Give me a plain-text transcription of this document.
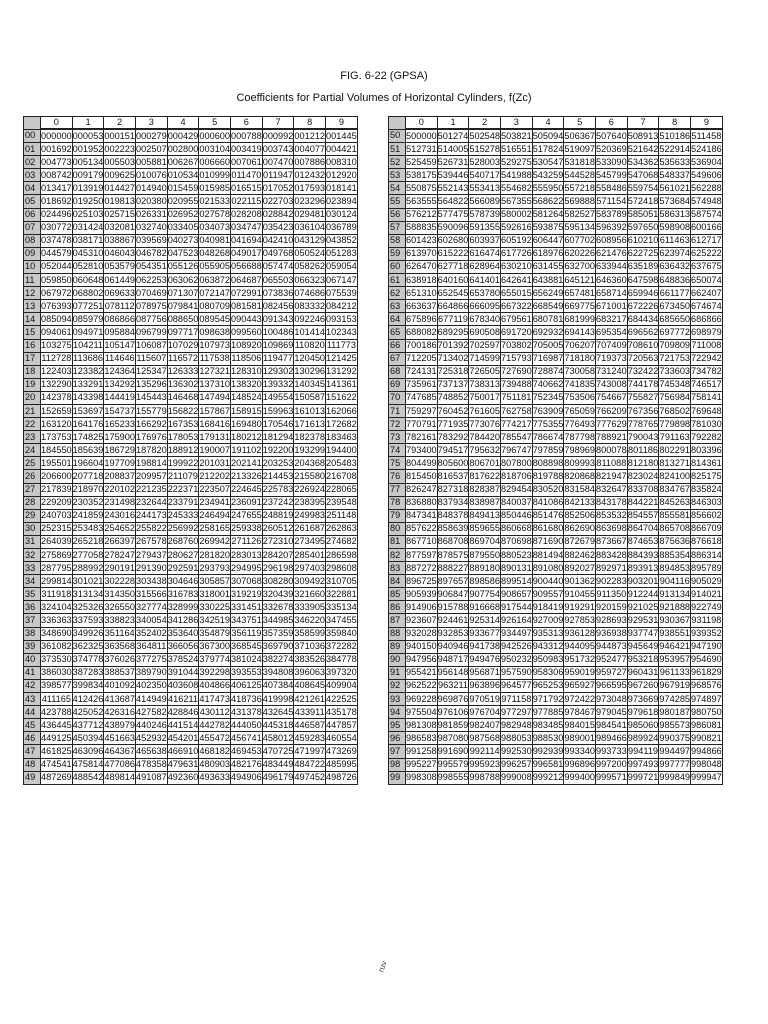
FIG. 6-22 (GPSA)
Coefficients for Partial Volumes of Horizontal Cylinders, f(Zc)
	0	1	2	3	4	5	6	7	8	9
00	000000	000053	000151	000279	000429	000600	000788	000992	001212	001445
01	001692	001952	002223	002507	002800	003104	003419	003743	004077	004421
02	004773	005134	005503	005881	006267	006660	007061	007470	007886	008310
03	008742	009179	009625	010076	010534	010999	011470	011947	012432	012920
04	013417	013919	014427	014940	015459	015985	016515	017052	017593	018141
05	018692	019250	019813	020380	020955	021533	022115	022703	023296	023894
06	024496	025103	025715	026331	026952	027578	028208	028842	029481	030124
07	030772	031424	032081	032740	033405	034073	034747	035423	036104	036789
08	037478	038171	038867	039569	040273	040981	041694	042410	043129	043852
09	044579	045310	046043	046782	047523	048268	049017	049768	050524	051283
10	052044	052810	053579	054351	055126	055905	056688	057474	058262	059054
11	059850	060648	061449	062253	063062	063872	064687	065503	066323	067147
12	067972	068802	069633	070469	071307	072147	072991	073836	074686	075539
13	076393	077251	078112	078975	079841	080709	081581	082456	083332	084212
14	085094	085979	086866	087756	088650	089545	090443	091343	092246	093153
15	094061	094971	095884	096799	097717	098638	099560	100486	101414	102343
16	103275	104211	105147	106087	107029	107973	108920	109869	110820	111773
17	112728	113686	114646	115607	116572	117538	118506	119477	120450	121425
18	122403	123382	124364	125347	126333	127321	128310	129302	130296	131292
19	132290	133291	134292	135296	136302	137310	138320	139332	140345	141361
20	142378	143398	144419	145443	146468	147494	148524	149554	150587	151622
21	152659	153697	154737	155779	156822	157867	158915	159963	161013	162066
22	163120	164176	165233	166292	167353	168416	169480	170546	171613	172682
23	173753	174825	175900	176976	178053	179131	180212	181294	182378	183463
24	184550	185639	186729	187820	188912	190007	191102	192200	193299	194400
25	195501	196604	197709	198814	199922	201031	202141	203253	204368	205483
26	206600	207718	208837	209957	211079	212202	213326	214453	215580	216708
27	217839	218970	220102	221235	222371	223507	224645	225783	226924	228065
28	229209	230352	231498	232644	233791	234941	236091	237242	238395	239548
29	240703	241859	243016	244173	245333	246494	247655	248819	249983	251148
30	252315	253483	254652	255822	256992	258165	259338	260512	261687	262863
31	264039	265218	266397	267578	268760	269942	271126	272310	273495	274682
32	275869	277058	278247	279437	280627	281820	283013	284207	285401	286598
33	287795	288992	290191	291390	292591	293793	294995	296198	297403	298608
34	299814	301021	302228	303438	304646	305857	307068	308280	309492	310705
35	311918	313134	314350	315566	316783	318001	319219	320439	321660	322881
36	324104	325326	326550	327774	328999	330225	331451	332678	333905	335134
37	336363	337593	338823	340054	341286	342519	343751	344985	346220	347455
38	348690	349926	351164	352402	353640	354879	356119	357359	358599	359840
39	361082	362325	363568	364811	366056	367300	368545	369790	371036	372282
40	373530	374778	376026	377275	378524	379774	381024	382274	383526	384778
41	386030	387283	388537	389790	391044	392298	393553	394808	396063	397320
42	398577	399834	401092	402350	403608	404866	406125	407384	408645	409904
43	411165	412426	413687	414949	416211	417473	418736	419998	421261	422525
44	423788	425052	426316	427582	428846	430112	431378	432645	433911	435178
45	436445	437712	438979	440246	441514	442782	444050	445318	446587	447857
46	449125	450394	451663	452932	454201	455472	456741	458012	459283	460554
47	461825	463096	464367	465638	466910	468182	469453	470725	471997	473269
48	474541	475814	477086	478358	479631	480903	482176	483449	484722	485995
49	487269	488542	489814	491087	492360	493633	494906	496179	497452	498726
	0	1	2	3	4	5	6	7	8	9
50	500000	501274	502548	503821	505094	506367	507640	508913	510186	511458
51	512731	514005	515278	516551	517824	519097	520369	521642	522914	524186
52	525459	526731	528003	529275	530547	531818	533090	534362	535633	536904
53	538175	539446	540717	541988	543259	544528	545799	547068	548337	549606
54	550875	552143	553413	554682	555950	557218	558486	559754	561021	562288
55	563555	564822	566089	567355	568622	569888	571154	572418	573684	574948
56	576212	577475	578739	580002	581264	582527	583789	585051	586313	587574
57	588835	590096	591355	592616	593875	595134	596392	597650	598908	600166
58	601423	602680	603937	605192	606447	607702	608956	610210	611463	612717
59	613970	615222	616474	617726	618976	620226	621476	622725	623974	625222
60	626470	627718	628964	630210	631455	632700	633944	635189	636432	637675
61	638918	640160	641401	642641	643881	645121	646360	647598	648836	650074
62	651310	652545	653780	655015	656249	657481	658714	659946	661177	662407
63	663637	664866	666095	667322	668549	669775	671001	672226	673450	674674
64	675896	677119	678340	679561	680781	681999	683217	684434	685650	686866
65	688082	689295	690508	691720	692932	694143	695354	696562	697772	698979
66	700186	701392	702597	703802	705005	706207	707409	708610	709809	711008
67	712205	713402	714599	715793	716987	718180	719373	720563	721753	722942
68	724131	725318	726505	727690	728874	730058	731240	732422	733603	734782
69	735961	737137	738313	739488	740662	741835	743008	744178	745348	746517
70	747685	748852	750017	751181	752345	753506	754667	755827	756984	758141
71	759297	760452	761605	762758	763909	765059	766209	767356	768502	769648
72	770791	771935	773076	774217	775355	776493	777629	778765	779898	781030
73	782161	783292	784420	785547	786674	787798	788921	790043	791163	792282
74	793400	794517	795632	796747	797859	798969	800078	801186	802291	803396
75	804499	805600	806701	807800	808898	809993	811088	812180	813271	814361
76	815450	816537	817622	818706	819788	820868	821947	823024	824100	825175
77	826247	827318	828387	829454	830520	831584	832647	833708	834767	835824
78	836880	837934	838987	840037	841086	842133	843178	844221	845263	846303
79	847341	848378	849413	850446	851476	852506	853532	854557	855581	856602
80	857622	858639	859655	860668	861680	862690	863698	864704	865708	866709
81	867710	868708	869704	870698	871690	872679	873667	874653	875636	876618
82	877597	878575	879550	880523	881494	882462	883428	884393	885354	886314
83	887272	888227	889180	890131	891080	892027	892971	893913	894853	895789
84	896725	897657	898586	899514	900440	901362	902283	903201	904116	905029
85	905939	906847	907754	908657	909557	910455	911350	912244	913134	914021
86	914906	915788	916668	917544	918419	919291	920159	921025	921888	922749
87	923607	924461	925314	926164	927009	927853	928693	929531	930367	931198
88	932028	932853	933677	934497	935313	936128	936938	937747	938551	939352
89	940150	940946	941738	942526	943312	944095	944873	945649	946421	947190
90	947956	948717	949476	950232	950983	951732	952477	953218	953957	954690
91	955421	956148	956871	957590	958306	959019	959727	960431	961133	961829
92	962522	963211	963896	964577	965253	965927	966595	967260	967919	968576
93	969228	969876	970519	971158	971792	972422	973048	973669	974285	974897
94	975504	976106	976704	977297	977885	978467	979045	979618	980187	980750
95	981308	981859	982407	982948	983485	984015	984541	985060	985573	986081
96	986583	987080	987568	988053	988530	989001	989466	989924	990375	990821
97	991258	991690	992114	992530	992939	993340	993733	994119	994497	994866
98	995227	995579	995923	996257	996581	996896	997200	997493	997777	998048
99	998308	998555	998788	999008	999212	999400	999571	999721	999849	999947
ruv
